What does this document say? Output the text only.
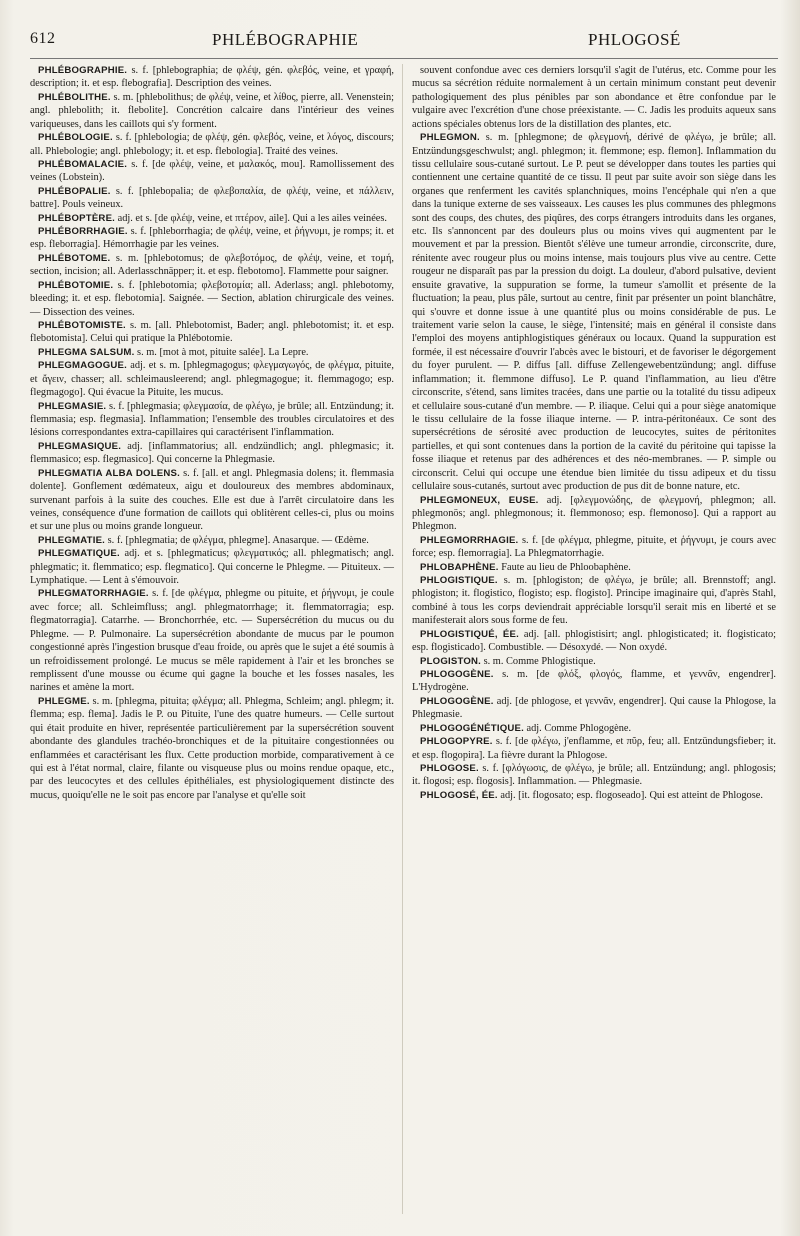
612	PHLÉBOGRAPHIE	PHLOGOSÉ

PHLÉBOGRAPHIE. s. f. [phlebographia; de φλέψ, gén. φλεβός, veine, et γραφή, description; it. et esp. flebografia]. Description des veines.

PHLÉBOLITHE. s. m. [phlebolithus; de φλέψ, veine, et λίθος, pierre, all. Venenstein; angl. phlebolith; it. flebolite]. Concrétion calcaire dans l'intérieur des veines variqueuses, dans les caillots qui s'y forment.

PHLÉBOLOGIE. s. f. [phlebologia; de φλέψ, gén. φλεβός, veine, et λόγος, discours; all. Phlebologie; angl. phlebology; it. et esp. flebologia]. Traité des veines.

PHLÉBOMALACIE. s. f. [de φλέψ, veine, et μαλακός, mou]. Ramollissement des veines (Lobstein).

PHLÉBOPALIE. s. f. [phlebopalia; de φλεβοπαλία, de φλέψ, veine, et πάλλειν, battre]. Pouls veineux.

PHLÉBOPTÈRE. adj. et s. [de φλέψ, veine, et πτέρον, aile]. Qui a les ailes veinées.

PHLÉBORRHAGIE. s. f. [phleborrhagia; de φλέψ, veine, et ῥήγνυμι, je romps; it. et esp. fleborragia]. Hémorrhagie par les veines.

PHLÉBOTOME. s. m. [phlebotomus; de φλεβοτόμος, de φλέψ, veine, et τομή, section, incision; all. Aderlasschnäpper; it. et esp. flebotomo]. Flammette pour saigner.

PHLÉBOTOMIE. s. f. [phlebotomia; φλεβοτομία; all. Aderlass; angl. phlebotomy, bleeding; it. et esp. flebotomia]. Saignée. — Section, ablation chirurgicale des veines. — Dissection des veines.

PHLÉBOTOMISTE. s. m. [all. Phlebotomist, Bader; angl. phlebotomist; it. et esp. flebotomista]. Celui qui pratique la Phlébotomie.

PHLEGMA SALSUM. s. m. [mot à mot, pituite salée]. La Lepre.

PHLEGMAGOGUE. adj. et s. m. [phlegmagogus; φλεγμαγωγός, de φλέγμα, pituite, et ἄγειν, chasser; all. schleimausleerend; angl. phlegmagogue; it. flemmagogo; esp. flegmagogo]. Qui évacue la Pituite, les mucus.

PHLEGMASIE. s. f. [phlegmasia; φλεγμασία, de φλέγω, je brûle; all. Entzündung; it. flemmasia; esp. flegmasia]. Inflammation; l'ensemble des troubles circulatoires et des lésions correspondantes extra-capillaires qui caractérisent l'inflammation.

PHLEGMASIQUE. adj. [inflammatorius; all. endzündlich; angl. phlegmasic; it. flemmasico; esp. flegmasico]. Qui concerne la Phlegmasie.

PHLEGMATIA ALBA DOLENS. s. f. [all. et angl. Phlegmasia dolens; it. flemmasia dolente]. Gonflement œdémateux, aigu et douloureux des membres abdominaux, survenant parfois à la suite des couches. Elle est due à l'arrêt circulatoire dans les veines, conséquence d'une formation de caillots qui oblitèrent celles-ci, plus ou moins et sur une plus ou moins grande longueur.

PHLEGMATIE. s. f. [phlegmatia; de φλέγμα, phlegme]. Anasarque. — Œdème.

PHLEGMATIQUE. adj. et s. [phlegmaticus; φλεγματικός; all. phlegmatisch; angl. phlegmatic; it. flemmatico; esp. flegmatico]. Qui concerne le Phlegme. — Pituiteux. — Lymphatique. — Lent à s'émouvoir.

PHLEGMATORRHAGIE. s. f. [de φλέγμα, phlegme ou pituite, et ῥήγνυμι, je coule avec force; all. Schleimfluss; angl. phlegmatorrhage; it. flemmatorragia; esp. flegmatorragia]. Catarrhe. — Bronchorrhée, etc. — Supersécrétion du mucus ou du Phlegme. — P. Pulmonaire. La supersécrétion abondante de mucus par le poumon congestionné après l'ingestion brusque d'eau froide, ou après que le sujet a été soumis à un refroidissement prolongé. Le mucus se mêle rapidement à l'air et les bronches se remplissent d'une mousse ou écume qui gagne la bouche et les fosses nasales, les narines et amène la mort.

PHLEGME. s. m. [phlegma, pituita; φλέγμα; all. Phlegma, Schleim; angl. phlegm; it. flemma; esp. flema]. Jadis le P. ou Pituite, l'une des quatre humeurs. — Celle surtout qui était produite en hiver, représentée particulièrement par la supersécrétion souvent abondante des glandules trachéo-bronchiques et de la pituitaire congestionnées ou enflammées et caractérisant les flux. Cette production morbide, comparativement à ce qui est à l'état normal, claire, filante ou visqueuse plus ou moins rendue opaque, etc., par des leucocytes et des cellules épithéliales, est physiologiquement distincte des mucus, quoiqu'elle ne le soit pas encore par l'analyse et qu'elle soit

souvent confondue avec ces derniers lorsqu'il s'agit de l'utérus, etc. Comme pour les mucus sa sécrétion réduite normalement à un certain minimum constant peut devenir pathologiquement des plus pénibles par son abondance et être confondue par le vulgaire avec l'excrétion d'une chose préexistante. — C. Jadis les produits aqueux sans actions spéciales obtenus lors de la distillation des plantes, etc.

PHLEGMON. s. m. [phlegmone; de φλεγμονή, dérivé de φλέγω, je brûle; all. Entzündungsgeschwulst; angl. phlegmon; it. flemmone; esp. flemon]. Inflammation du tissu cellulaire sous-cutané surtout. Le P. peut se développer dans toutes les parties qui contiennent une certaine quantité de ce tissu. Il peut par suite avoir son siège dans les organes que renferment les cavités splanchniques, moins l'encéphale qui n'en a que dans la tunique externe de ses vaisseaux. Les causes les plus communes des phlegmons sont des coups, des chutes, des piqûres, des corps étrangers introduits dans les organes, etc. Ils s'annoncent par des douleurs plus ou moins vives qui augmentent par le mouvement et par la pression. Bientôt s'élève une tumeur arrondie, circonscrite, dure, rénitente avec rougeur plus ou moins intense, mais toujours plus vive au centre. Cette rougeur ne disparaît pas par la pression du doigt. La douleur, d'abord pulsative, devient ensuite gravative, la suppuration se forme, la tumeur s'amollit et présente de la fluctuation; la peau, plus pâle, surtout au centre, finit par présenter un point blanchâtre, qui s'ouvre et donne issue à une quantité plus ou moins considérable de pus. Le traitement varie selon la cause, le siège, l'intensité; mais en général il consiste dans l'emploi des moyens antiphlogistiques généraux ou locaux. Quand la suppuration est formée, il est nécessaire d'ouvrir l'abcès avec le bistouri, et de favoriser le dégorgement du foyer purulent. — P. diffus [all. diffuse Zellengewebentzündung; angl. diffuse inflammation; it. flemmone diffuso]. Le P. quand l'inflammation, au lieu d'être circonscrite, s'étend, sans limites tracées, dans une partie ou la totalité du tissu adipeux et cellulaire sous-cutané d'un membre. — P. iliaque. Celui qui a pour siège anatomique le tissu cellulaire de la fosse iliaque interne. — P. intra-péritonéaux. Ce sont des supersécrétions de sérosité avec production de leucocytes, suites de péritonites partielles, et qui sont contenues dans la portion de la cavité du péritoine qui tapisse la fosse iliaque et retenus par des adhérences et des néo-membranes. — P. simple ou circonscrit. Celui qui occupe une étendue bien limitée du tissu adipeux et du tissu cellulaire sous-cutanés, surtout avec production de pus dit de bonne nature, etc.

PHLEGMONEUX, EUSE. adj. [φλεγμονώδης, de φλεγμονή, phlegmon; all. phlegmonös; angl. phlegmonous; it. flemmonoso; esp. flemonoso]. Qui a rapport au Phlegmon.

PHLEGMORRHAGIE. s. f. [de φλέγμα, phlegme, pituite, et ῥήγνυμι, je cours avec force; esp. flemorragia]. La Phlegmatorrhagie.

PHLOBAPHÈNE. Faute au lieu de Phloobaphène.

PHLOGISTIQUE. s. m. [phlogiston; de φλέγω, je brûle; all. Brennstoff; angl. phlogiston; it. flogistico, flogisto; esp. flogisto]. Principe imaginaire qui, d'après Stahl, combiné à tous les corps deviendrait appréciable lorsqu'il serait mis en liberté et se manifesterait alors sous forme de feu.

PHLOGISTIQUÉ, ÉE. adj. [all. phlogistisirt; angl. phlogisticated; it. flogisticato; esp. flogisticado]. Combustible. — Désoxydé. — Non oxydé.

PLOGISTON. s. m. Comme Phlogistique.

PHLOGOGÈNE. s. m. [de φλόξ, φλογός, flamme, et γεννᾶν, engendrer]. L'Hydrogène.

PHLOGOGÈNE. adj. [de phlogose, et γεννᾶν, engendrer]. Qui cause la Phlogose, la Phlegmasie.

PHLOGOGÉNÉTIQUE. adj. Comme Phlogogène.

PHLOGOPYRE. s. f. [de φλέγω, j'enflamme, et πῦρ, feu; all. Entzündungsfieber; it. et esp. flogopira]. La fièvre durant la Phlogose.

PHLOGOSE. s. f. [φλόγωσις, de φλέγω, je brûle; all. Entzündung; angl. phlogosis; it. flogosi; esp. flogosis]. Inflammation. — Phlegmasie.

PHLOGOSÉ, ÉE. adj. [it. flogosato; esp. flogoseado]. Qui est atteint de Phlogose.
